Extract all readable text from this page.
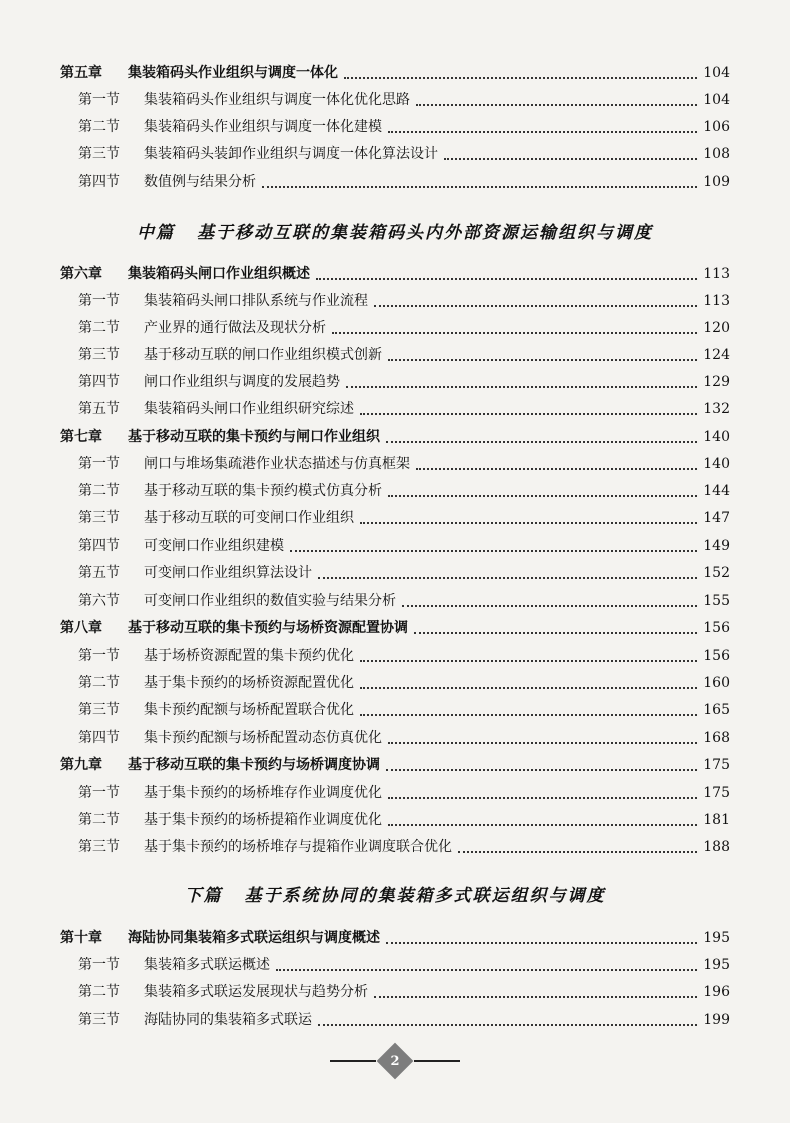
第五章	集装箱码头作业组织与调度一体化	104
第一节	集装箱码头作业组织与调度一体化优化思路	104
第二节	集装箱码头作业组织与调度一体化建模	106
第三节	集装箱码头装卸作业组织与调度一体化算法设计	108
第四节	数值例与结果分析	109
中篇 基于移动互联的集装箱码头内外部资源运输组织与调度
第六章	集装箱码头闸口作业组织概述	113
第一节	集装箱码头闸口排队系统与作业流程	113
第二节	产业界的通行做法及现状分析	120
第三节	基于移动互联的闸口作业组织模式创新	124
第四节	闸口作业组织与调度的发展趋势	129
第五节	集装箱码头闸口作业组织研究综述	132
第七章	基于移动互联的集卡预约与闸口作业组织	140
第一节	闸口与堆场集疏港作业状态描述与仿真框架	140
第二节	基于移动互联的集卡预约模式仿真分析	144
第三节	基于移动互联的可变闸口作业组织	147
第四节	可变闸口作业组织建模	149
第五节	可变闸口作业组织算法设计	152
第六节	可变闸口作业组织的数值实验与结果分析	155
第八章	基于移动互联的集卡预约与场桥资源配置协调	156
第一节	基于场桥资源配置的集卡预约优化	156
第二节	基于集卡预约的场桥资源配置优化	160
第三节	集卡预约配额与场桥配置联合优化	165
第四节	集卡预约配额与场桥配置动态仿真优化	168
第九章	基于移动互联的集卡预约与场桥调度协调	175
第一节	基于集卡预约的场桥堆存作业调度优化	175
第二节	基于集卡预约的场桥提箱作业调度优化	181
第三节	基于集卡预约的场桥堆存与提箱作业调度联合优化	188
下篇 基于系统协同的集装箱多式联运组织与调度
第十章	海陆协同集装箱多式联运组织与调度概述	195
第一节	集装箱多式联运概述	195
第二节	集装箱多式联运发展现状与趋势分析	196
第三节	海陆协同的集装箱多式联运	199
2
